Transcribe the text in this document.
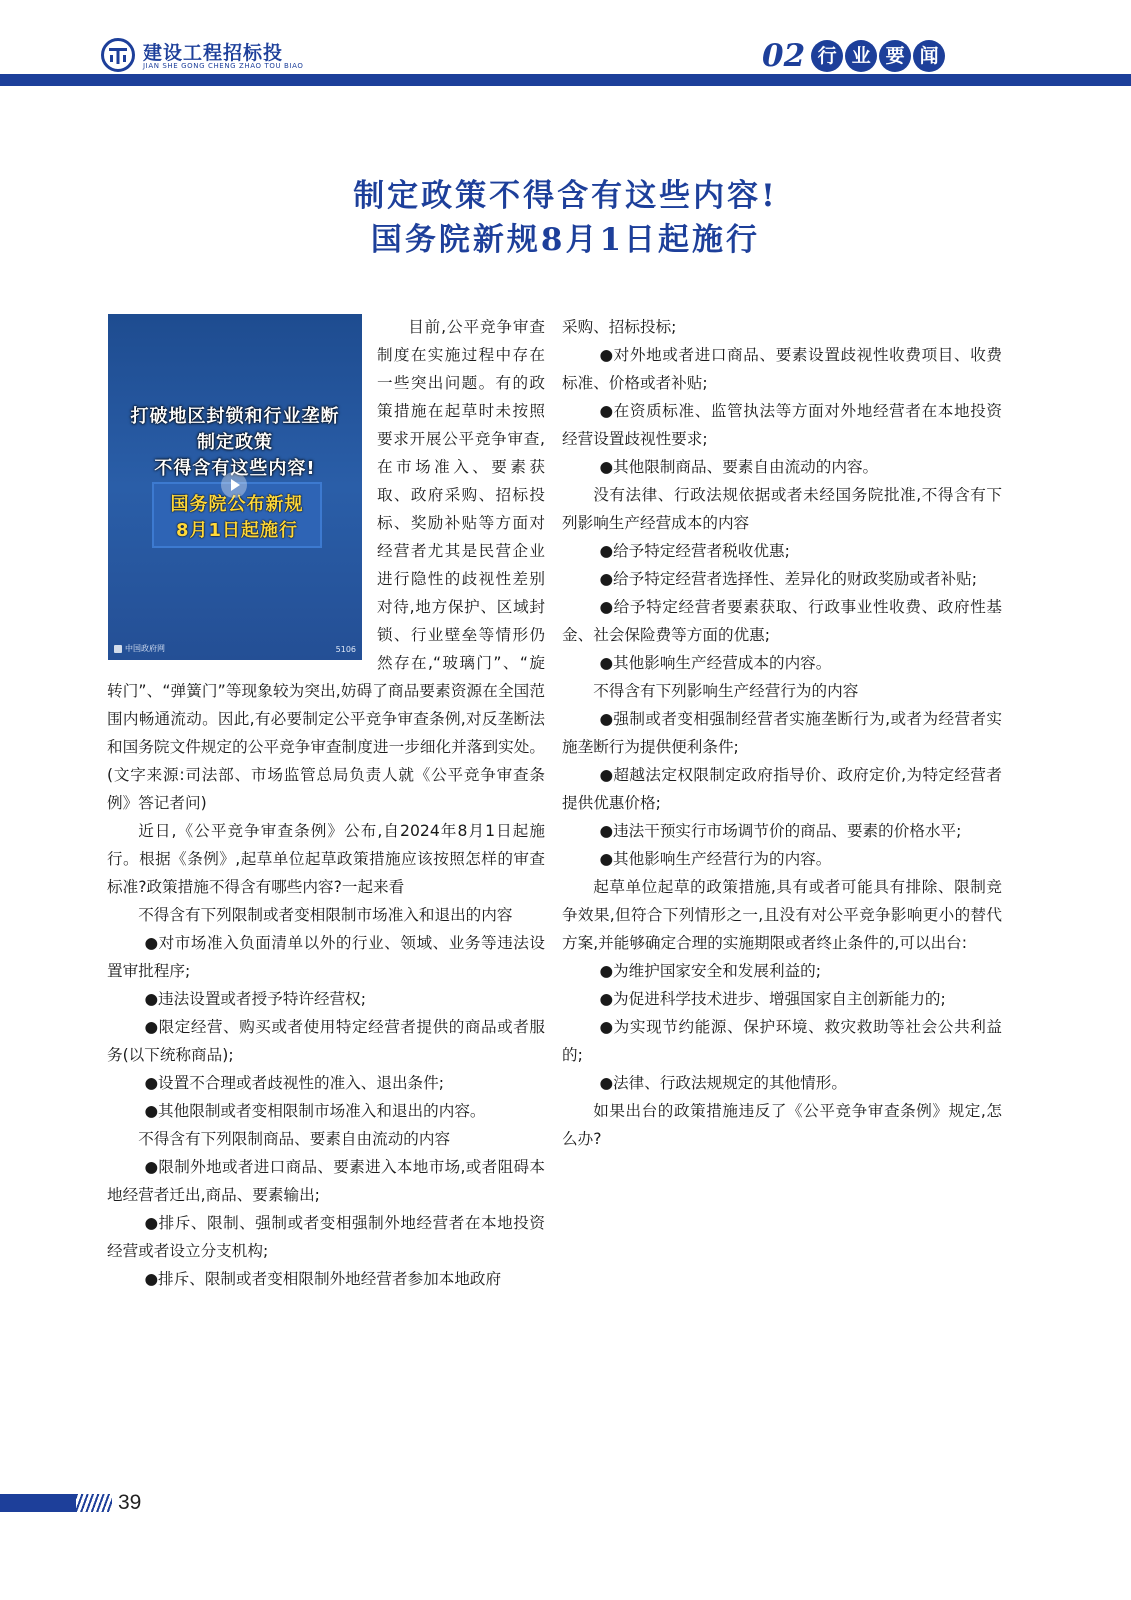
建设工程招标投
JIAN SHE GONG CHENG ZHAO TOU BIAO	02 行 业 要 闻
制定政策不得含有这些内容!
国务院新规8月1日起施行
打破地区封锁和行业垄断
制定政策
不得含有这些内容!
国务院公布新规
8月1日起施行
中国政府网	5106

目前,公平竞争审查制度在实施过程中存在一些突出问题。有的政策措施在起草时未按照要求开展公平竞争审查,在市场准入、要素获取、政府采购、招标投标、奖励补贴等方面对经营者尤其是民营企业进行隐性的歧视性差别对待,地方保护、区域封锁、行业壁垒等情形仍然存在,“玻璃门”、“旋转门”、“弹簧门”等现象较为突出,妨碍了商品要素资源在全国范围内畅通流动。因此,有必要制定公平竞争审查条例,对反垄断法和国务院文件规定的公平竞争审查制度进一步细化并落到实处。(文字来源:司法部、市场监管总局负责人就《公平竞争审查条例》答记者问)

近日,《公平竞争审查条例》公布,自2024年8月1日起施行。根据《条例》,起草单位起草政策措施应该按照怎样的审查标准?政策措施不得含有哪些内容?一起来看

不得含有下列限制或者变相限制市场准入和退出的内容

●对市场准入负面清单以外的行业、领域、业务等违法设置审批程序;

●违法设置或者授予特许经营权;

●限定经营、购买或者使用特定经营者提供的商品或者服务(以下统称商品);

●设置不合理或者歧视性的准入、退出条件;

●其他限制或者变相限制市场准入和退出的内容。

不得含有下列限制商品、要素自由流动的内容

●限制外地或者进口商品、要素进入本地市场,或者阻碍本地经营者迁出,商品、要素输出;

●排斥、限制、强制或者变相强制外地经营者在本地投资经营或者设立分支机构;

●排斥、限制或者变相限制外地经营者参加本地政府

采购、招标投标;

●对外地或者进口商品、要素设置歧视性收费项目、收费标准、价格或者补贴;

●在资质标准、监管执法等方面对外地经营者在本地投资经营设置歧视性要求;

●其他限制商品、要素自由流动的内容。

没有法律、行政法规依据或者未经国务院批准,不得含有下列影响生产经营成本的内容

●给予特定经营者税收优惠;

●给予特定经营者选择性、差异化的财政奖励或者补贴;

●给予特定经营者要素获取、行政事业性收费、政府性基金、社会保险费等方面的优惠;

●其他影响生产经营成本的内容。

不得含有下列影响生产经营行为的内容

●强制或者变相强制经营者实施垄断行为,或者为经营者实施垄断行为提供便利条件;

●超越法定权限制定政府指导价、政府定价,为特定经营者提供优惠价格;

●违法干预实行市场调节价的商品、要素的价格水平;

●其他影响生产经营行为的内容。

起草单位起草的政策措施,具有或者可能具有排除、限制竞争效果,但符合下列情形之一,且没有对公平竞争影响更小的替代方案,并能够确定合理的实施期限或者终止条件的,可以出台:

●为维护国家安全和发展利益的;

●为促进科学技术进步、增强国家自主创新能力的;

●为实现节约能源、保护环境、救灾救助等社会公共利益的;

●法律、行政法规规定的其他情形。

如果出台的政策措施违反了《公平竞争审查条例》规定,怎么办?

39
